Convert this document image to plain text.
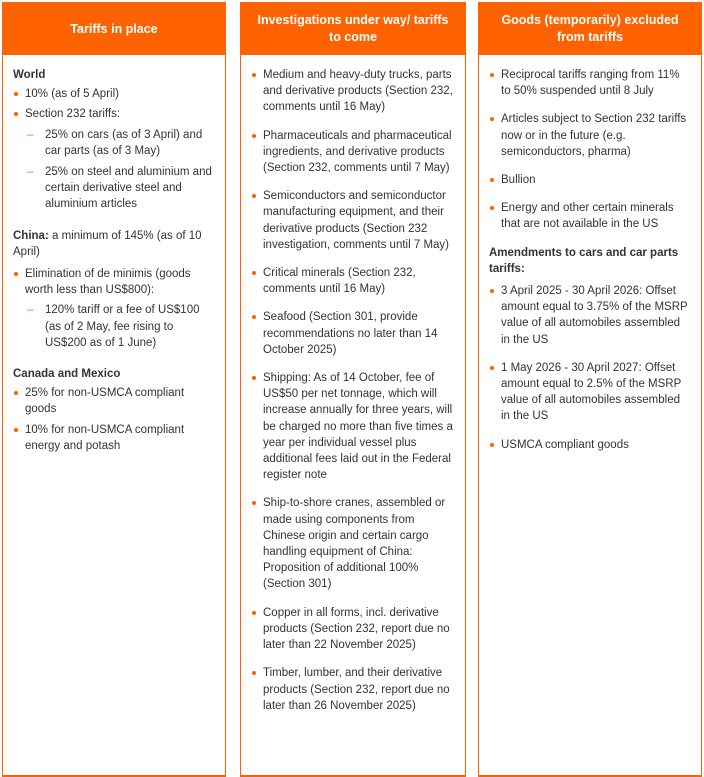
Tariffs in place
World
10% (as of 5 April)
Section 232 tariffs:
– 25% on cars (as of 3 April) and car parts (as of 3 May)
– 25% on steel and aluminium and certain derivative steel and aluminium articles
China: a minimum of 145% (as of 10 April)
Elimination of de minimis (goods worth less than US$800):
– 120% tariff or a fee of US$100 (as of 2 May, fee rising to US$200 as of 1 June)
Canada and Mexico
25% for non-USMCA compliant goods
10% for non-USMCA compliant energy and potash
Investigations under way/ tariffs to come
Medium and heavy-duty trucks, parts and derivative products (Section 232, comments until 16 May)
Pharmaceuticals and pharmaceutical ingredients, and derivative products (Section 232, comments until 7 May)
Semiconductors and semiconductor manufacturing equipment, and their derivative products (Section 232 investigation, comments until 7 May)
Critical minerals (Section 232, comments until 16 May)
Seafood (Section 301, provide recommendations no later than 14 October 2025)
Shipping: As of 14 October, fee of US$50 per net tonnage, which will increase annually for three years, will be charged no more than five times a year per individual vessel plus additional fees laid out in the Federal register note
Ship-to-shore cranes, assembled or made using components from Chinese origin and certain cargo handling equipment of China: Proposition of additional 100% (Section 301)
Copper in all forms, incl. derivative products (Section 232, report due no later than 22 November 2025)
Timber, lumber, and their derivative products (Section 232, report due no later than 26 November 2025)
Goods (temporarily) excluded from tariffs
Reciprocal tariffs ranging from 11% to 50% suspended until 8 July
Articles subject to Section 232 tariffs now or in the future (e.g. semiconductors, pharma)
Bullion
Energy and other certain minerals that are not available in the US
Amendments to cars and car parts tariffs:
3 April 2025 - 30 April 2026: Offset amount equal to 3.75% of the MSRP value of all automobiles assembled in the US
1 May 2026 - 30 April 2027: Offset amount equal to 2.5% of the MSRP value of all automobiles assembled in the US
USMCA compliant goods
